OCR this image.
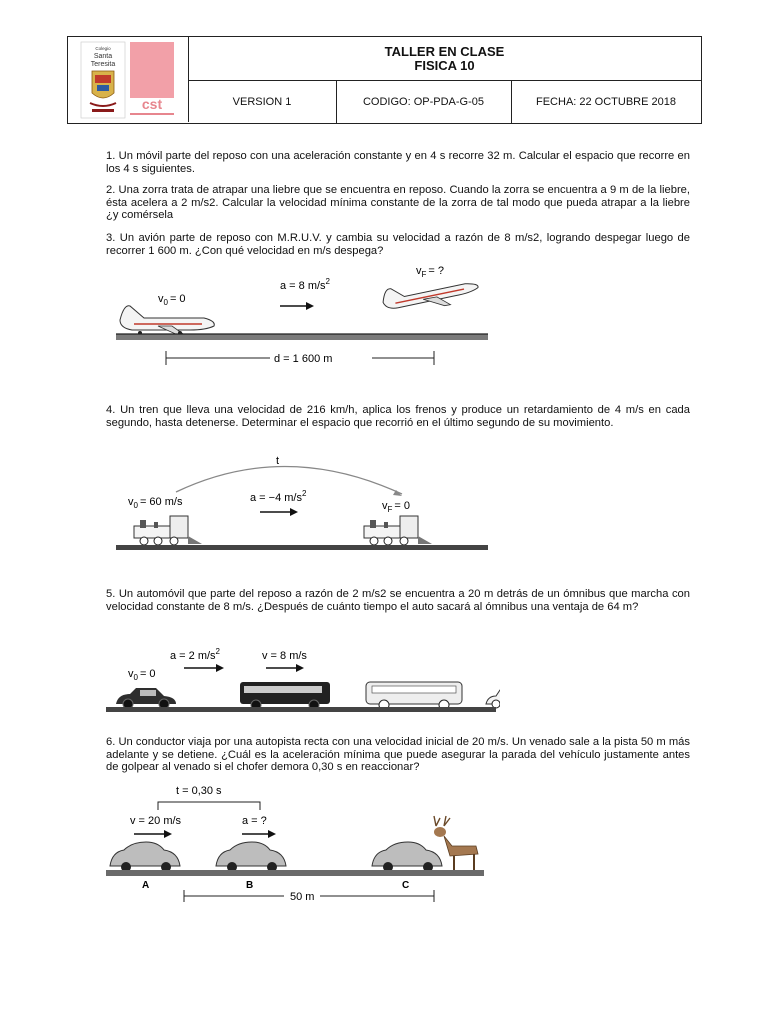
Colegio
Santa
Teresita
cst
TALLER EN CLASE
FISICA 10
VERSION 1	CODIGO: OP-PDA-G-05	FECHA: 22 OCTUBRE 2018
1. Un móvil parte del reposo con una aceleración constante y en 4 s recorre 32 m. Calcular el espacio que recorre en los 4 s siguientes.
2. Una zorra trata de atrapar una liebre que se encuentra en reposo. Cuando la zorra se encuentra a 9 m de la liebre, ésta acelera a 2 m/s2. Calcular la velocidad mínima constante de la zorra de tal modo que pueda atrapar a la liebre ¿y comérsela
3. Un avión parte de reposo con M.R.U.V. y cambia su velocidad a razón de 8 m/s2, logrando despegar luego de recorrer 1 600 m. ¿Con qué velocidad en m/s despega?
4. Un tren que lleva una velocidad de 216 km/h, aplica los frenos y produce un retardamiento de 4 m/s en cada segundo, hasta detenerse. Determinar el espacio que recorrió en el último segundo de su movimiento.
5. Un automóvil que parte del reposo a razón de 2 m/s2 se encuentra a 20 m detrás de un ómnibus que marcha con velocidad constante de 8 m/s. ¿Después de cuánto tiempo el auto sacará al ómnibus una ventaja de 64 m?
6. Un conductor viaja por una autopista recta con una velocidad inicial de 20 m/s. Un venado sale a la pista 50 m más adelante y se detiene. ¿Cuál es la aceleración mínima que puede asegurar la parada del vehículo justamente antes de golpear al venado si el chofer demora 0,30 s en reaccionar?
$v_0 = 0$
a = 8 $m/s^2$
$v_F$ = ?
d = 1 600 m
t
$v_0 = 60$ m/s	a = −4 $m/s^2$
$v_F = 0$
a = 2 $m/s^2$	v = 8 m/s
$v_0 = 0$
t = 0,30 s
v = 20 m/s	a = ?
A	B	C
50 m
